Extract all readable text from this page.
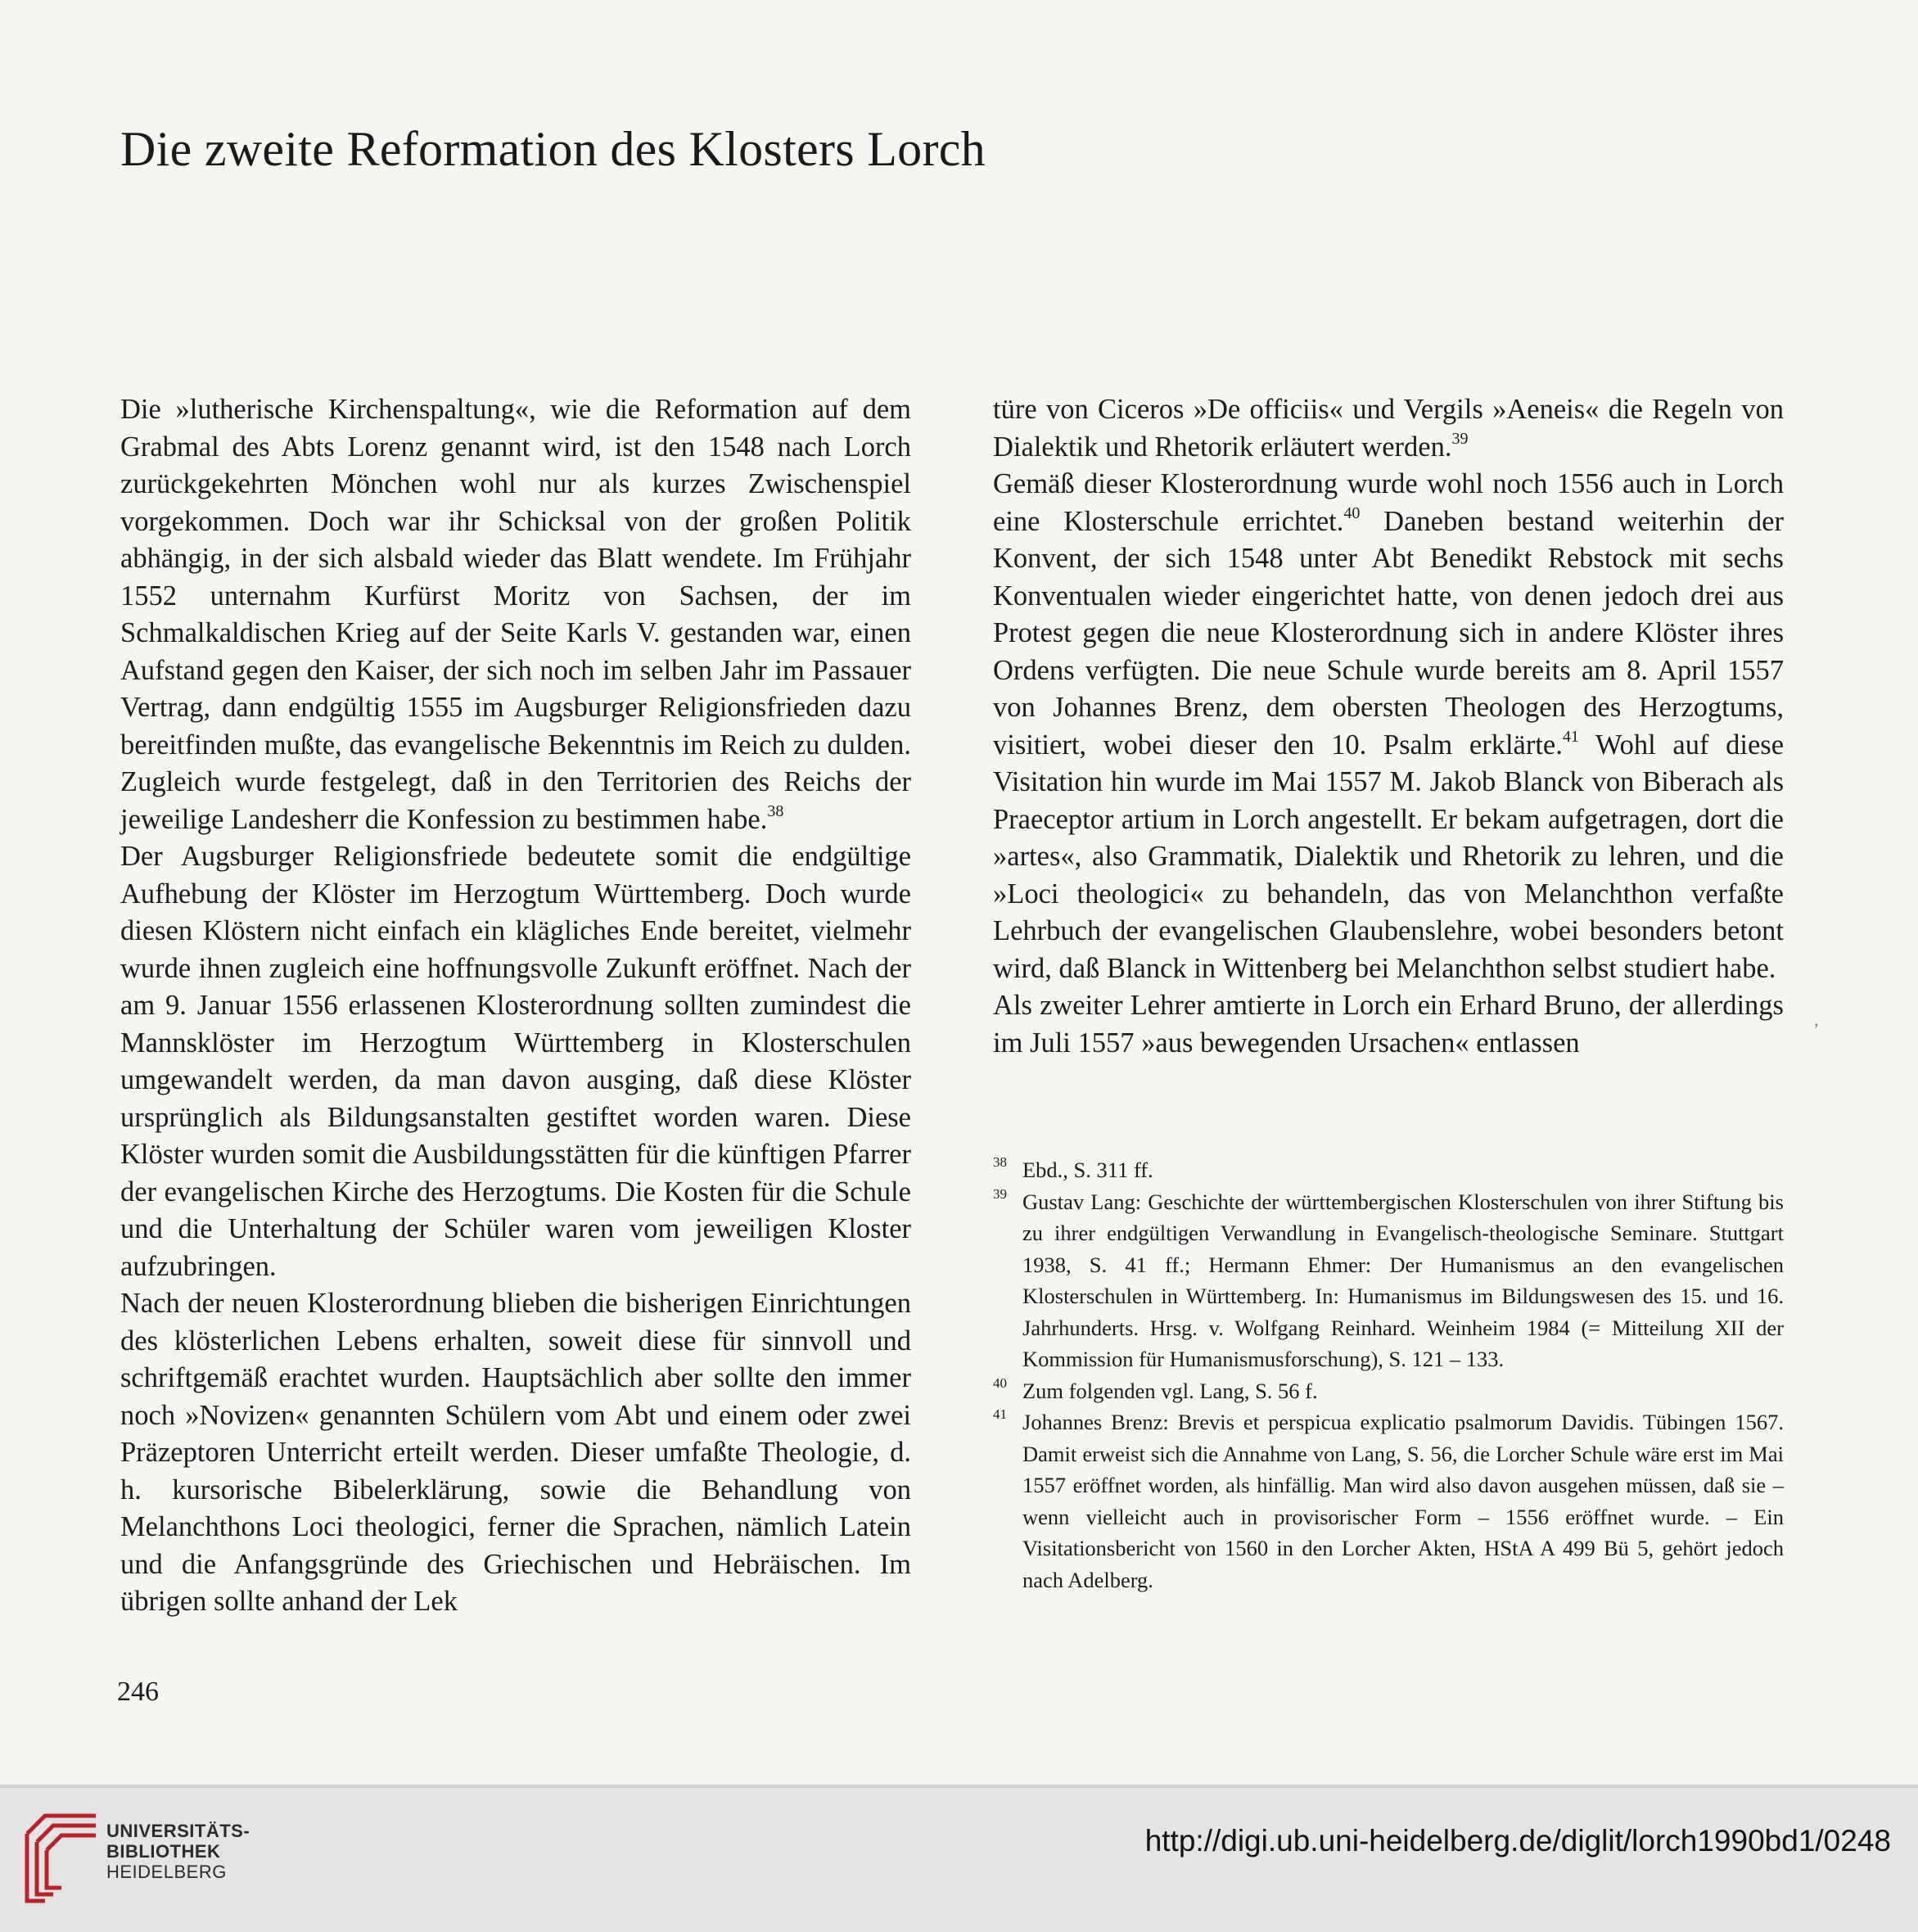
Die zweite Reformation des Klosters Lorch

Die »lutherische Kirchenspaltung«, wie die Reformation auf dem Grabmal des Abts Lorenz genannt wird, ist den 1548 nach Lorch zurückgekehrten Mönchen wohl nur als kurzes Zwischenspiel vorgekommen. Doch war ihr Schicksal von der großen Politik abhängig, in der sich alsbald wieder das Blatt wendete. Im Frühjahr 1552 unternahm Kurfürst Moritz von Sachsen, der im Schmalkaldischen Krieg auf der Seite Karls V. gestanden war, einen Aufstand gegen den Kaiser, der sich noch im selben Jahr im Passauer Vertrag, dann endgültig 1555 im Augsburger Religionsfrieden dazu bereitfinden mußte, das evangelische Bekenntnis im Reich zu dulden. Zugleich wurde festgelegt, daß in den Territorien des Reichs der jeweilige Landesherr die Konfession zu bestimmen habe.$^{38}$

Der Augsburger Religionsfriede bedeutete somit die endgültige Aufhebung der Klöster im Herzogtum Württemberg. Doch wurde diesen Klöstern nicht einfach ein klägliches Ende bereitet, vielmehr wurde ihnen zugleich eine hoffnungsvolle Zukunft eröffnet. Nach der am 9. Januar 1556 erlassenen Klosterordnung sollten zumindest die Mannsklöster im Herzogtum Württemberg in Klosterschulen umgewandelt werden, da man davon ausging, daß diese Klöster ursprünglich als Bildungsanstalten gestiftet worden waren. Diese Klöster wurden somit die Ausbildungsstätten für die künftigen Pfarrer der evangelischen Kirche des Herzogtums. Die Kosten für die Schule und die Unterhaltung der Schüler waren vom jeweiligen Kloster aufzubringen.

Nach der neuen Klosterordnung blieben die bisherigen Einrichtungen des klösterlichen Lebens erhalten, soweit diese für sinnvoll und schriftgemäß erachtet wurden. Hauptsächlich aber sollte den immer noch »Novizen« genannten Schülern vom Abt und einem oder zwei Präzeptoren Unterricht erteilt werden. Dieser umfaßte Theologie, d. h. kursorische Bibelerklärung, sowie die Behandlung von Melanchthons Loci theologici, ferner die Sprachen, nämlich Latein und die Anfangsgründe des Griechischen und Hebräischen. Im übrigen sollte anhand der Lek

türe von Ciceros »De officiis« und Vergils »Aeneis« die Regeln von Dialektik und Rhetorik erläutert werden.$^{39}$

Gemäß dieser Klosterordnung wurde wohl noch 1556 auch in Lorch eine Klosterschule errichtet.$^{40}$ Daneben bestand weiterhin der Konvent, der sich 1548 unter Abt Benedikt Rebstock mit sechs Konventualen wieder eingerichtet hatte, von denen jedoch drei aus Protest gegen die neue Klosterordnung sich in andere Klöster ihres Ordens verfügten. Die neue Schule wurde bereits am 8. April 1557 von Johannes Brenz, dem obersten Theologen des Herzogtums, visitiert, wobei dieser den 10. Psalm erklärte.$^{41}$ Wohl auf diese Visitation hin wurde im Mai 1557 M. Jakob Blanck von Biberach als Praeceptor artium in Lorch angestellt. Er bekam aufgetragen, dort die »artes«, also Grammatik, Dialektik und Rhetorik zu lehren, und die »Loci theologici« zu behandeln, das von Melanchthon verfaßte Lehrbuch der evangelischen Glaubenslehre, wobei besonders betont wird, daß Blanck in Wittenberg bei Melanchthon selbst studiert habe.

Als zweiter Lehrer amtierte in Lorch ein Erhard Bruno, der allerdings im Juli 1557 »aus bewegenden Ursachen« entlassen

38 Ebd., S. 311 ff.
39 Gustav Lang: Geschichte der württembergischen Klosterschulen von ihrer Stiftung bis zu ihrer endgültigen Verwandlung in Evangelisch-theologische Seminare. Stuttgart 1938, S. 41 ff.; Hermann Ehmer: Der Humanismus an den evangelischen Klosterschulen in Württemberg. In: Humanismus im Bildungswesen des 15. und 16. Jahrhunderts. Hrsg. v. Wolfgang Reinhard. Weinheim 1984 (= Mitteilung XII der Kommission für Humanismusforschung), S. 121 – 133.
40 Zum folgenden vgl. Lang, S. 56 f.
41 Johannes Brenz: Brevis et perspicua explicatio psalmorum Davidis. Tübingen 1567. Damit erweist sich die Annahme von Lang, S. 56, die Lorcher Schule wäre erst im Mai 1557 eröffnet worden, als hinfällig. Man wird also davon ausgehen müssen, daß sie – wenn vielleicht auch in provisorischer Form – 1556 eröffnet wurde. – Ein Visitationsbericht von 1560 in den Lorcher Akten, HStA A 499 Bü 5, gehört jedoch nach Adelberg.
246
’
UNIVERSITÄTS-
BIBLIOTHEK
HEIDELBERG
http://digi.ub.uni-heidelberg.de/diglit/lorch1990bd1/0248
